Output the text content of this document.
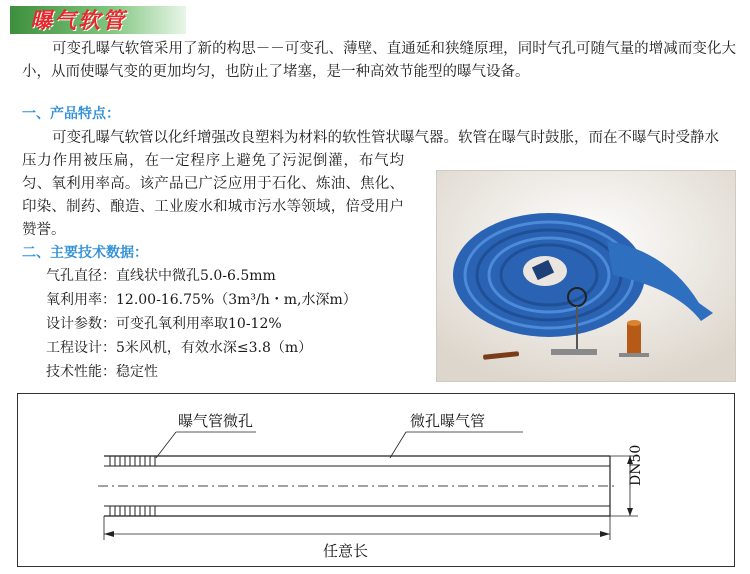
曝气软管
可变孔曝气软管采用了新的构思－－可变孔、薄壁、直通延和狭缝原理，同时气孔可随气量的增减而变化大小，从而使曝气变的更加均匀，也防止了堵塞，是一种高效节能型的曝气设备。
一、产品特点：
可变孔曝气软管以化纤增强改良塑料为材料的软性管状曝气器。软管在曝气时鼓胀，而在不曝气时受静水
压力作用被压扁，在一定程序上避免了污泥倒灌，布气均匀、氧利用率高。该产品已广泛应用于石化、炼油、焦化、印染、制药、酿造、工业废水和城市污水等领域，倍受用户赞誉。
二、主要技术数据：
气孔直径：直线状中微孔5.0-6.5mm
氧利用率：12.00-16.75%（3m³/h・m,水深m）
设计参数：可变孔氧利用率取10-12%
工程设计：5米风机，有效水深≤3.8（m）
技术性能：稳定性
曝气管微孔	微孔曝气管
DN50
任意长
